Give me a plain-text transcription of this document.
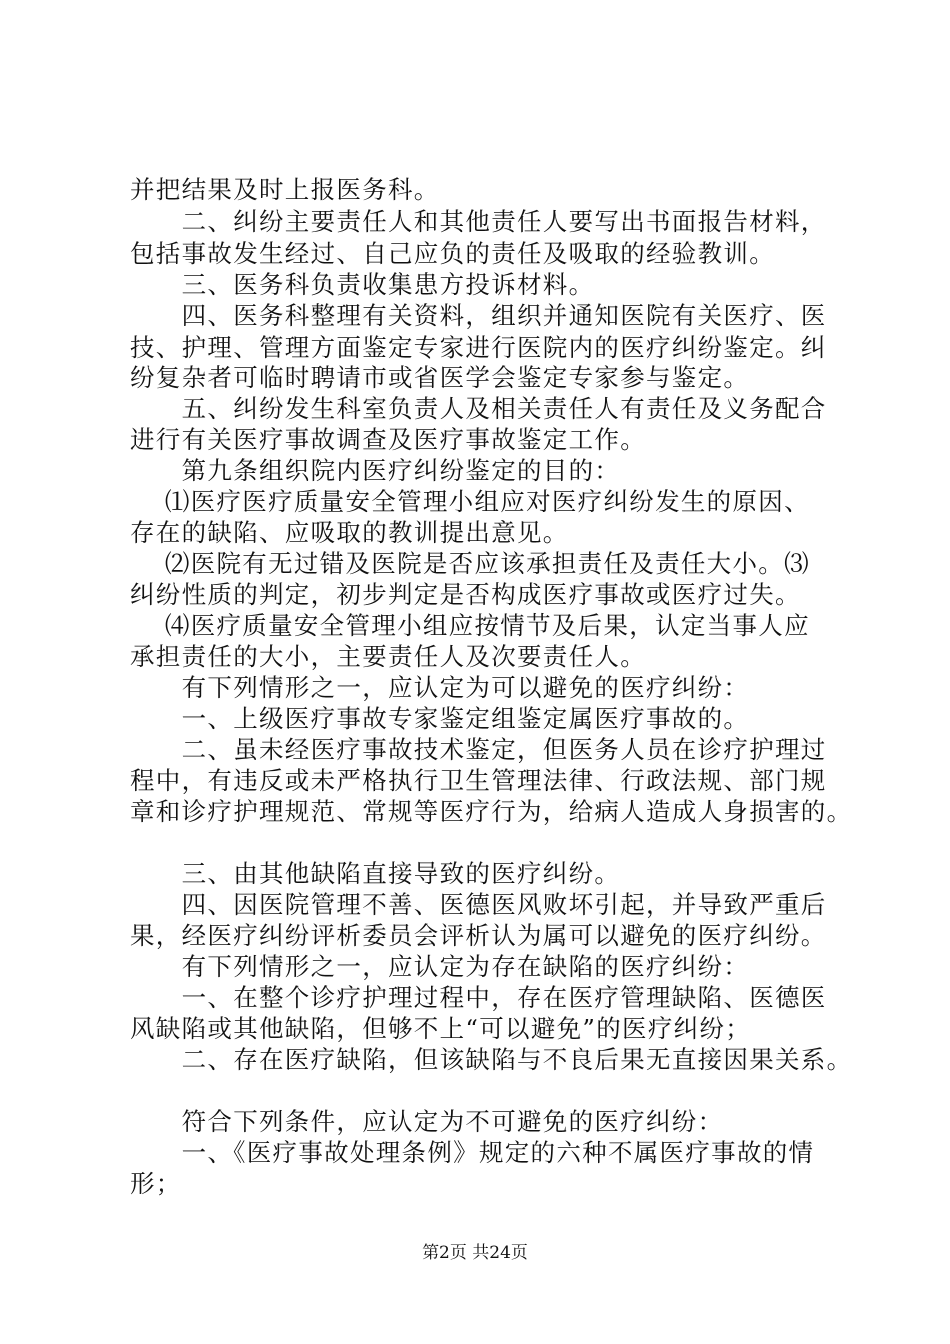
并把结果及时上报医务科。
　　二、纠纷主要责任人和其他责任人要写出书面报告材料，
包括事故发生经过、自己应负的责任及吸取的经验教训。
　　三、医务科负责收集患方投诉材料。
　　四、医务科整理有关资料，组织并通知医院有关医疗、医
技、护理、管理方面鉴定专家进行医院内的医疗纠纷鉴定。纠
纷复杂者可临时聘请市或省医学会鉴定专家参与鉴定。
　　五、纠纷发生科室负责人及相关责任人有责任及义务配合
进行有关医疗事故调查及医疗事故鉴定工作。
　　第九条组织院内医疗纠纷鉴定的目的：
　 ⑴医疗医疗质量安全管理小组应对医疗纠纷发生的原因、
存在的缺陷、应吸取的教训提出意见。
　 ⑵医院有无过错及医院是否应该承担责任及责任大小。⑶
纠纷性质的判定，初步判定是否构成医疗事故或医疗过失。
　 ⑷医疗质量安全管理小组应按情节及后果，认定当事人应
承担责任的大小，主要责任人及次要责任人。
　　有下列情形之一，应认定为可以避免的医疗纠纷：
　　一、上级医疗事故专家鉴定组鉴定属医疗事故的。
　　二、虽未经医疗事故技术鉴定，但医务人员在诊疗护理过
程中，有违反或未严格执行卫生管理法律、行政法规、部门规
章和诊疗护理规范、常规等医疗行为，给病人造成人身损害的。
　　三、由其他缺陷直接导致的医疗纠纷。
　　四、因医院管理不善、医德医风败坏引起，并导致严重后
果，经医疗纠纷评析委员会评析认为属可以避免的医疗纠纷。
　　有下列情形之一，应认定为存在缺陷的医疗纠纷：
　　一、在整个诊疗护理过程中，存在医疗管理缺陷、医德医
风缺陷或其他缺陷，但够不上“可以避免”的医疗纠纷；
　　二、存在医疗缺陷，但该缺陷与不良后果无直接因果关系。
　　符合下列条件，应认定为不可避免的医疗纠纷：
　　一、《医疗事故处理条例》规定的六种不属医疗事故的情
形；
第2页 共24页
